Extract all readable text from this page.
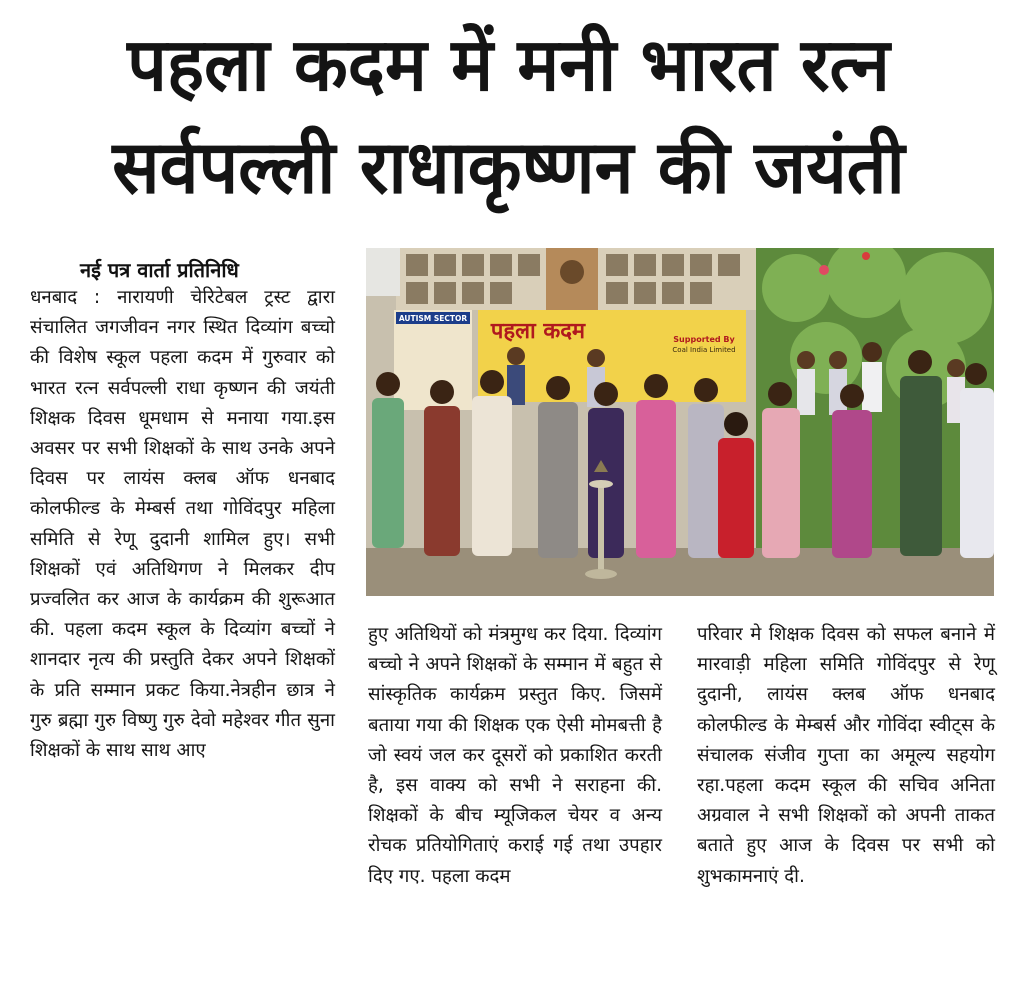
पहला कदम में मनी भारत रत्न
सर्वपल्ली राधाकृष्णन की जयंती
नई पत्र वार्ता प्रतिनिधि

धनबाद : नारायणी चेरिटेबल ट्रस्ट द्वारा संचालित जगजीवन नगर स्थित दिव्यांग बच्चो की विशेष स्कूल पहला कदम में गुरुवार को भारत रत्न सर्वपल्ली राधा कृष्णन की जयंती शिक्षक दिवस धूमधाम से मनाया गया.इस अवसर पर सभी शिक्षकों के साथ उनके अपने दिवस पर लायंस क्लब ऑफ धनबाद कोलफील्ड के मेम्बर्स तथा गोविंदपुर महिला समिति से रेणू दुदानी शामिल हुए। सभी शिक्षकों एवं अतिथिगण ने मिलकर दीप प्रज्वलित कर आज के कार्यक्रम की शुरूआत की. पहला कदम स्कूल के दिव्यांग बच्चों ने शानदार नृत्य की प्रस्तुति देकर अपने शिक्षकों के प्रति सम्मान प्रकट किया.नेत्रहीन छात्र ने गुरु ब्रह्मा गुरु विष्णु गुरु देवो महेश्वर गीत सुना शिक्षकों के साथ साथ आए

AUTISM SECTOR
पहला कदम	Supported By
Coal India Limited

हुए अतिथियों को मंत्रमुग्ध कर दिया. दिव्यांग बच्चो ने अपने शिक्षकों के सम्मान में बहुत से सांस्कृतिक कार्यक्रम प्रस्तुत किए. जिसमें बताया गया की शिक्षक एक ऐसी मोमबत्ती है जो स्वयं जल कर दूसरों को प्रकाशित करती है, इस वाक्य को सभी ने सराहना की. शिक्षकों के बीच म्यूजिकल चेयर व अन्य रोचक प्रतियोगिताएं कराई गई तथा उपहार दिए गए. पहला कदम

परिवार मे शिक्षक दिवस को सफल बनाने में मारवाड़ी महिला समिति गोविंदपुर से रेणू दुदानी, लायंस क्लब ऑफ धनबाद कोलफील्ड के मेम्बर्स और गोविंदा स्वीट्स के संचालक संजीव गुप्ता का अमूल्य सहयोग रहा.पहला कदम स्कूल की सचिव अनिता अग्रवाल ने सभी शिक्षकों को अपनी ताकत बताते हुए आज के दिवस पर सभी को शुभकामनाएं दी.
